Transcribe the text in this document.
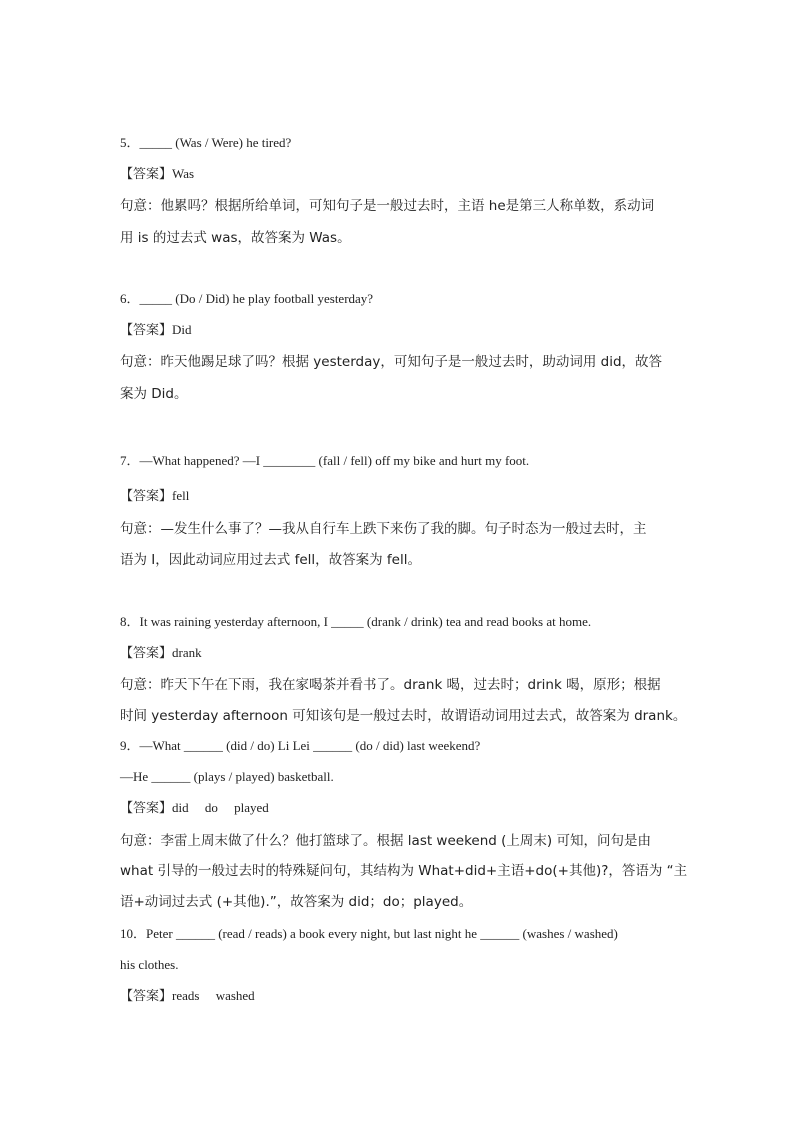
5．_____ (Was / Were) he tired?
【答案】Was
句意：他累吗？根据所给单词，可知句子是一般过去时，主语 he是第三人称单数，系动词
用 is 的过去式 was，故答案为 Was。
6．_____ (Do / Did) he play football yesterday?
【答案】Did
句意：昨天他踢足球了吗？根据 yesterday，可知句子是一般过去时，助动词用 did，故答
案为 Did。
7．—What happened? —I ________ (fall / fell) off my bike and hurt my foot.
【答案】fell
句意：—发生什么事了？—我从自行车上跌下来伤了我的脚。句子时态为一般过去时，主
语为 I，因此动词应用过去式 fell，故答案为 fell。
8．It was raining yesterday afternoon, I _____ (drank / drink) tea and read books at home.
【答案】drank
句意：昨天下午在下雨，我在家喝茶并看书了。drank 喝，过去时；drink 喝，原形；根据
时间 yesterday afternoon 可知该句是一般过去时，故谓语动词用过去式，故答案为 drank。
9．—What ______ (did / do) Li Lei ______ (do / did) last weekend?
—He ______ (plays / played) basketball.
【答案】did     do     played
句意：李雷上周末做了什么？他打篮球了。根据 last weekend (上周末) 可知，问句是由
what 引导的一般过去时的特殊疑问句，其结构为 What+did+主语+do(+其他)?，答语为 “主
语+动词过去式 (+其他).”，故答案为 did；do；played。
10．Peter ______ (read / reads) a book every night, but last night he ______ (washes / washed)
his clothes.
【答案】reads     washed
